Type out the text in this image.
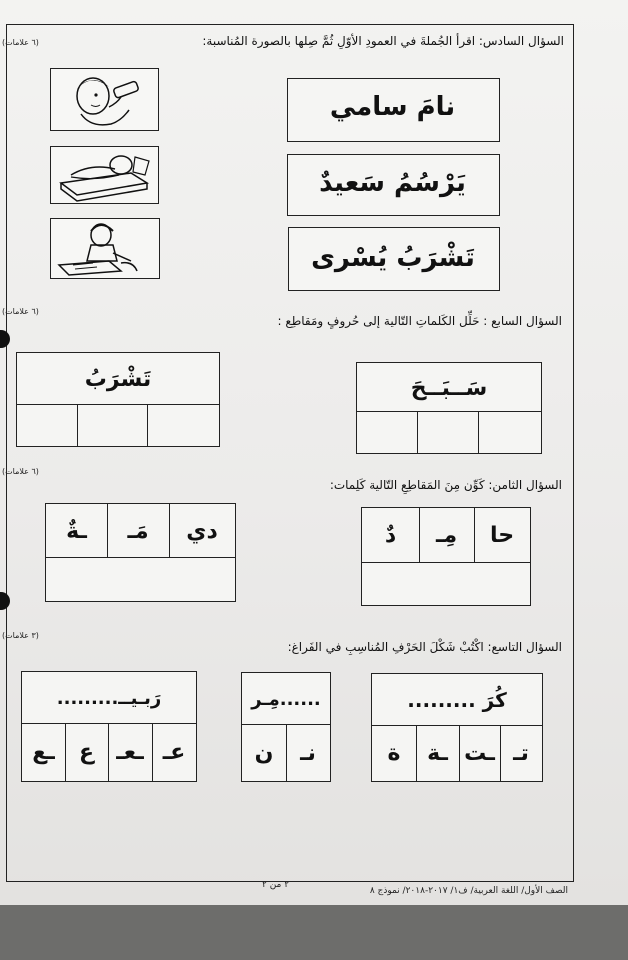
السؤال السادس: اقرأ الجُملةَ في العمودِ الأوّلِ ثُمَّ صِلها بالصورة المُناسبة:
(٦ علامات)
نامَ سامي
يَرْسُمُ سَعيدٌ
تَشْرَبُ يُسْرى
السؤال السابع : حَلِّل الكَلماتِ التّالية إلى حُروفٍ ومَقاطِع :
(٦ علامات)
سَــبَــحَ
تَشْرَبُ
السؤال الثامن: كَوِّن مِنَ المَقاطِعِ التّالية كَلِمات:
(٦ علامات)
حا
مِـ
دٌ
دي
مَـ
ـةٌ
السؤال التاسع: اكْتُبْ شَكْلَ الحَرْفِ المُناسِبِ في الفَراغ:
(٣ علامات)
كُرَ .........
تـ
ـت
ـة
ة
......مِـر
نـ
ن
رَبـيــ.........
عـ
ـعـ
ع
ـع
الصف الأول/ اللغة العربية/ ف١/ ٢٠١٧-٢٠١٨/ نموذج ٨
٢ من ٢
